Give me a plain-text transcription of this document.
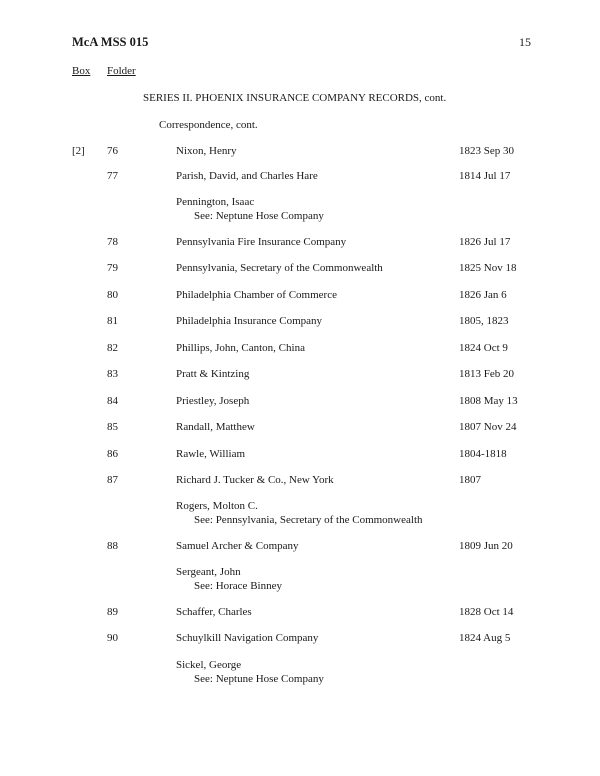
McA MSS 015	15
Box Folder
SERIES II. PHOENIX INSURANCE COMPANY RECORDS, cont.
Correspondence, cont.
[2] 76	Nixon, Henry	1823 Sep 30
77	Parish, David, and Charles Hare	1814 Jul 17
Pennington, Isaac
See: Neptune Hose Company
78	Pennsylvania Fire Insurance Company	1826 Jul 17
79	Pennsylvania, Secretary of the Commonwealth	1825 Nov 18
80	Philadelphia Chamber of Commerce	1826 Jan 6
81	Philadelphia Insurance Company	1805, 1823
82	Phillips, John, Canton, China	1824 Oct 9
83	Pratt & Kintzing	1813 Feb 20
84	Priestley, Joseph	1808 May 13
85	Randall, Matthew	1807 Nov 24
86	Rawle, William	1804-1818
87	Richard J. Tucker & Co., New York	1807
Rogers, Molton C.
See: Pennsylvania, Secretary of the Commonwealth
88	Samuel Archer & Company	1809 Jun 20
Sergeant, John
See: Horace Binney
89	Schaffer, Charles	1828 Oct 14
90	Schuylkill Navigation Company	1824 Aug 5
Sickel, George
See: Neptune Hose Company
